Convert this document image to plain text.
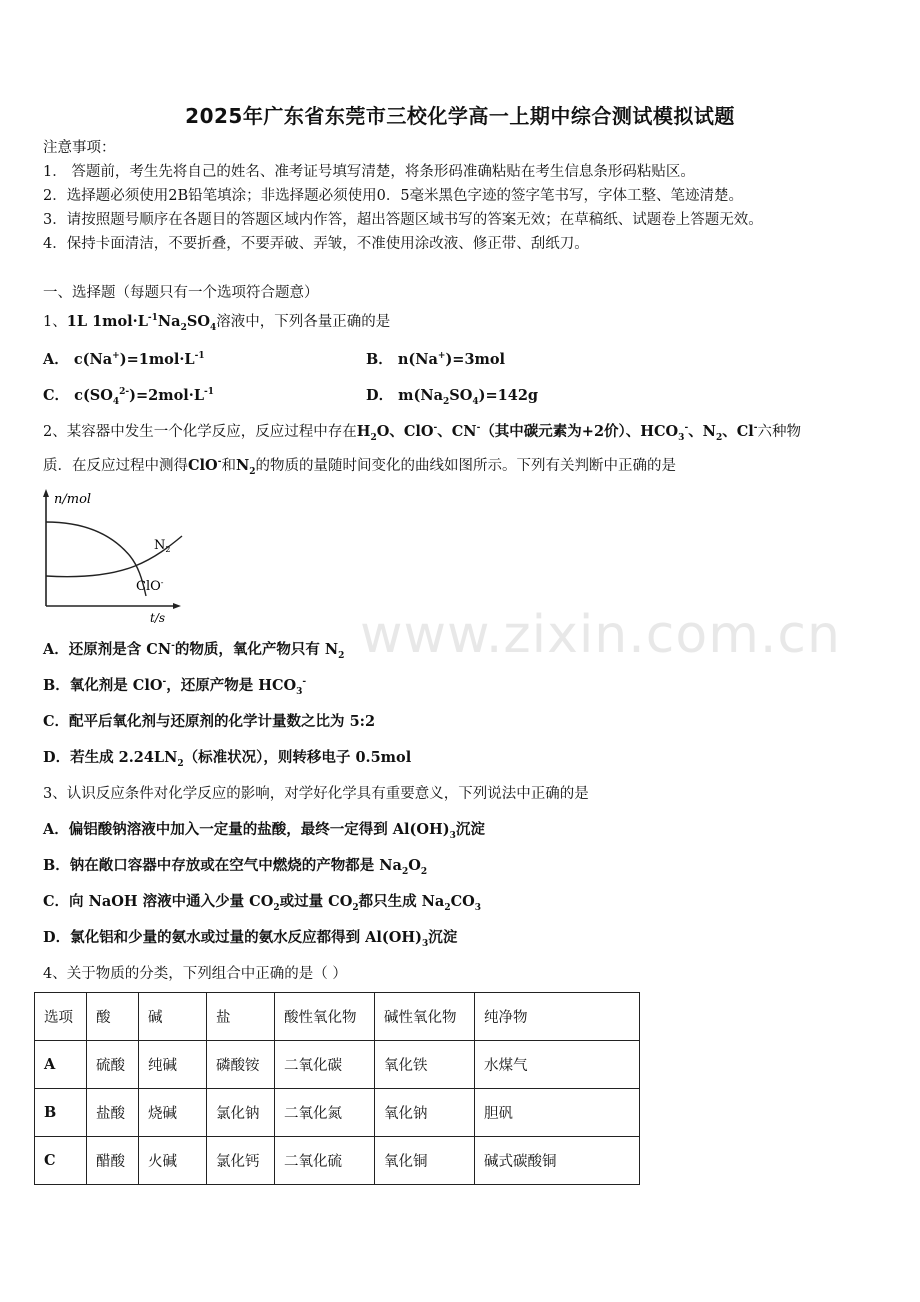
2025年广东省东莞市三校化学高一上期中综合测试模拟试题
注意事项：
1． 答题前，考生先将自己的姓名、准考证号填写清楚，将条形码准确粘贴在考生信息条形码粘贴区。
2．选择题必须使用2B铅笔填涂；非选择题必须使用0．5毫米黑色字迹的签字笔书写，字体工整、笔迹清楚。
3．请按照题号顺序在各题目的答题区域内作答，超出答题区域书写的答案无效；在草稿纸、试题卷上答题无效。
4．保持卡面清洁，不要折叠，不要弄破、弄皱，不准使用涂改液、修正带、刮纸刀。
一、选择题（每题只有一个选项符合题意）
1、1L $1mol\cdot L^{-1}Na_2SO_4$溶液中，下列各量正确的是
A． $c(Na^+)=1mol\cdot L^{-1}$	B． n(Na+)=3mol
C． $c(SO_4^{2-})=2mol\cdot L^{-1}$	D． $m(Na_2SO_4)=142g$
2、某容器中发生一个化学反应，反应过程中存在$H_2O$、ClO-、CN-（其中碳元素为+2价）、$HCO_3^-$、$N_2$、Cl-六种物
质．在反应过程中测得ClO-和$N_2$的物质的量随时间变化的曲线如图所示。下列有关判断中正确的是
n/mol
t/s
$N_2$
ClO-
www.zixin.com.cn
A．还原剂是含 CN-的物质，氧化产物只有 $N_2$
B．氧化剂是 ClO-，还原产物是 $HCO_3^-$
C．配平后氧化剂与还原剂的化学计量数之比为 5:2
D．若生成 $2.24LN_2$（标准状况），则转移电子 0.5mol
3、认识反应条件对化学反应的影响，对学好化学具有重要意义，下列说法中正确的是
A．偏铝酸钠溶液中加入一定量的盐酸，最终一定得到 $Al(OH)_3$沉淀
B．钠在敞口容器中存放或在空气中燃烧的产物都是 $Na_2O_2$
C．向 NaOH 溶液中通入少量 $CO_2$或过量 $CO_2$都只生成 $Na_2CO_3$
D．氯化铝和少量的氨水或过量的氨水反应都得到 $Al(OH)_3$沉淀
4、关于物质的分类，下列组合中正确的是（ ）
选项	酸	碱	盐	酸性氧化物	碱性氧化物	纯净物
A	硫酸	纯碱	磷酸铵	二氧化碳	氧化铁	水煤气
B	盐酸	烧碱	氯化钠	二氧化氮	氧化钠	胆矾
C	醋酸	火碱	氯化钙	二氧化硫	氧化铜	碱式碳酸铜
